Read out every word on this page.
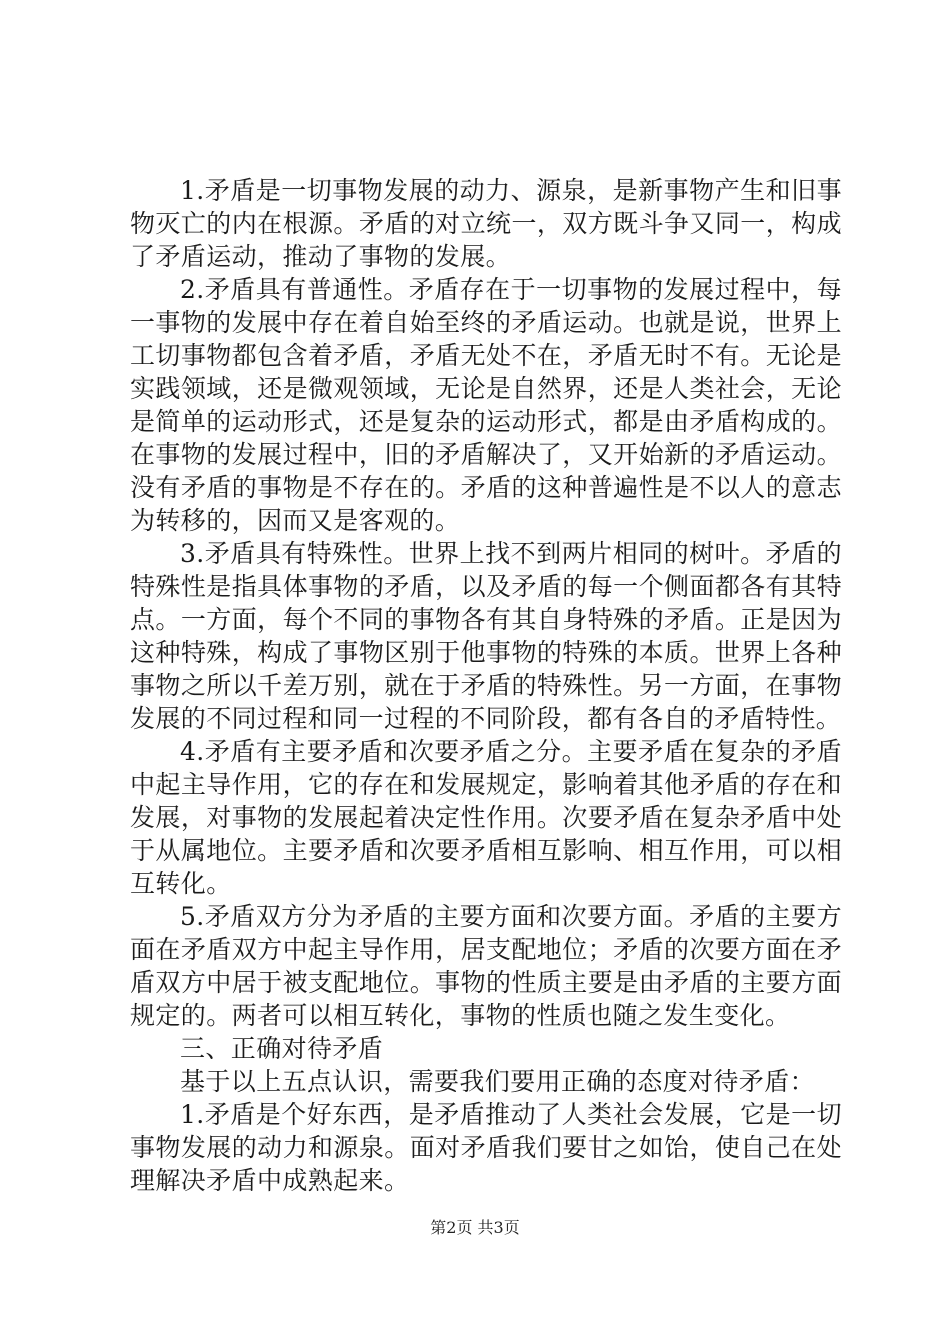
1.矛盾是一切事物发展的动力、源泉，是新事物产生和旧事物灭亡的内在根源。矛盾的对立统一，双方既斗争又同一，构成了矛盾运动，推动了事物的发展。

2.矛盾具有普通性。矛盾存在于一切事物的发展过程中，每一事物的发展中存在着自始至终的矛盾运动。也就是说，世界上工切事物都包含着矛盾，矛盾无处不在，矛盾无时不有。无论是实践领域，还是微观领域，无论是自然界，还是人类社会，无论是简单的运动形式，还是复杂的运动形式，都是由矛盾构成的。在事物的发展过程中，旧的矛盾解决了，又开始新的矛盾运动。没有矛盾的事物是不存在的。矛盾的这种普遍性是不以人的意志为转移的，因而又是客观的。

3.矛盾具有特殊性。世界上找不到两片相同的树叶。矛盾的特殊性是指具体事物的矛盾，以及矛盾的每一个侧面都各有其特点。一方面，每个不同的事物各有其自身特殊的矛盾。正是因为这种特殊，构成了事物区别于他事物的特殊的本质。世界上各种事物之所以千差万别，就在于矛盾的特殊性。另一方面，在事物发展的不同过程和同一过程的不同阶段，都有各自的矛盾特性。

4.矛盾有主要矛盾和次要矛盾之分。主要矛盾在复杂的矛盾中起主导作用，它的存在和发展规定，影响着其他矛盾的存在和发展，对事物的发展起着决定性作用。次要矛盾在复杂矛盾中处于从属地位。主要矛盾和次要矛盾相互影响、相互作用，可以相互转化。

5.矛盾双方分为矛盾的主要方面和次要方面。矛盾的主要方面在矛盾双方中起主导作用，居支配地位；矛盾的次要方面在矛盾双方中居于被支配地位。事物的性质主要是由矛盾的主要方面规定的。两者可以相互转化，事物的性质也随之发生变化。

三、正确对待矛盾

基于以上五点认识，需要我们要用正确的态度对待矛盾：

1.矛盾是个好东西，是矛盾推动了人类社会发展，它是一切事物发展的动力和源泉。面对矛盾我们要甘之如饴，使自己在处理解决矛盾中成熟起来。

第2页 共3页
